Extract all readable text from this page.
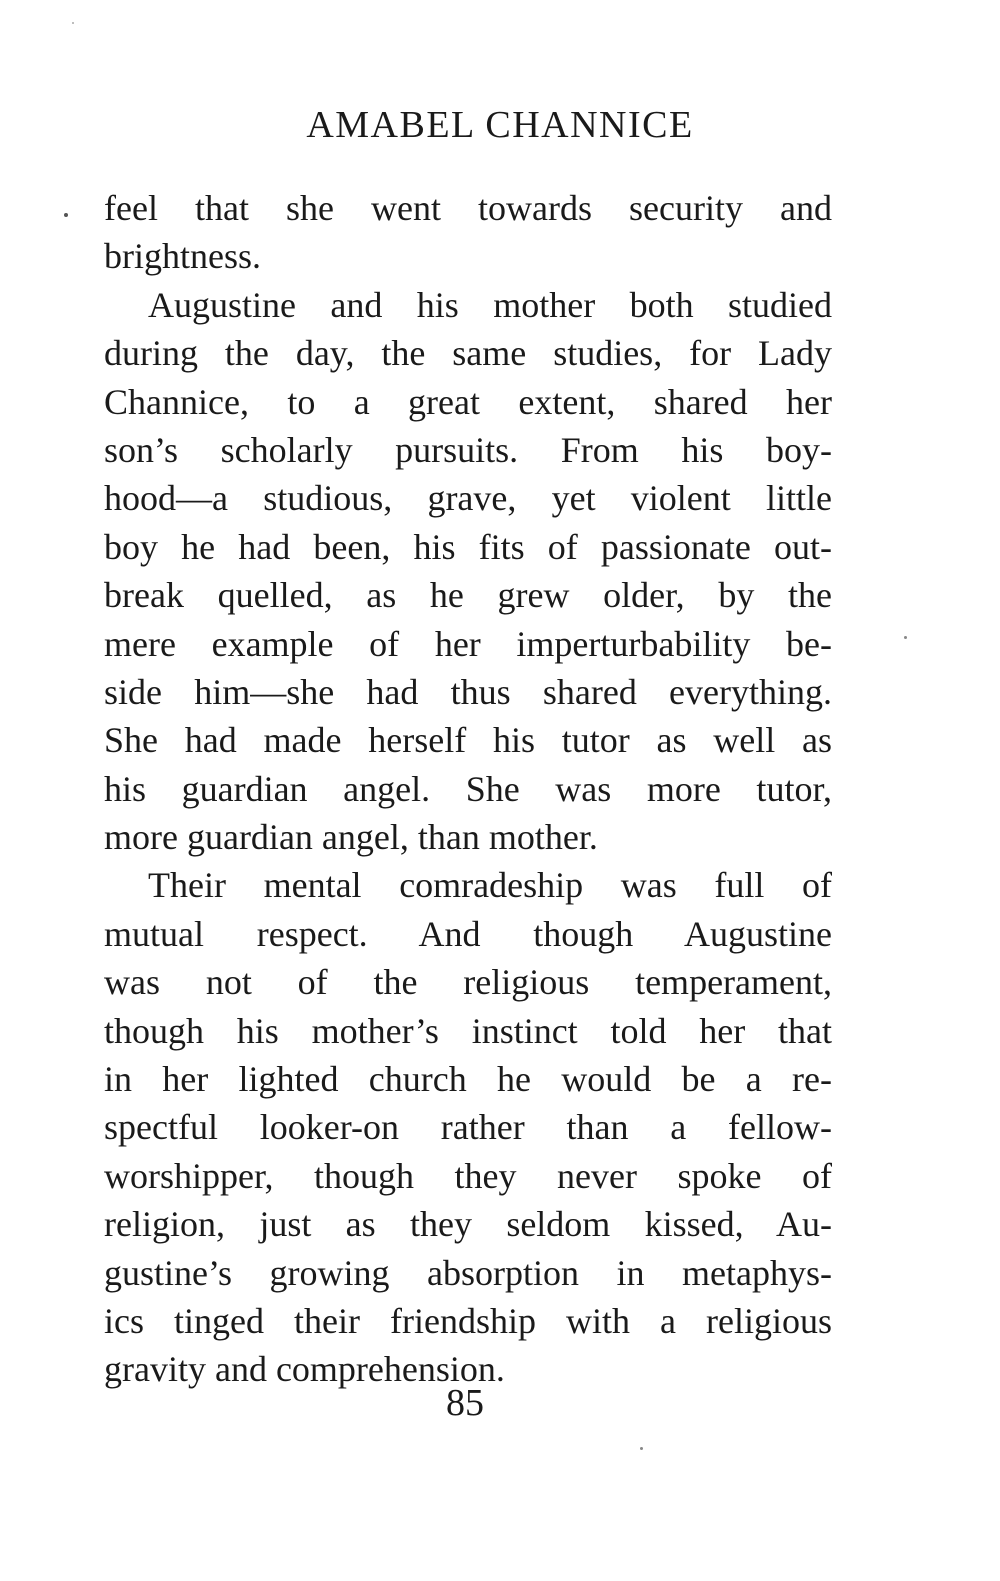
AMABEL CHANNICE
feel that she went towards security and
brightness.
Augustine and his mother both studied
during the day, the same studies, for Lady
Channice, to a great extent, shared her
son’s scholarly pursuits. From his boy-
hood—a studious, grave, yet violent little
boy he had been, his fits of passionate out-
break quelled, as he grew older, by the
mere example of her imperturbability be-
side him—she had thus shared everything.
She had made herself his tutor as well as
his guardian angel. She was more tutor,
more guardian angel, than mother.
Their mental comradeship was full of
mutual respect. And though Augustine
was not of the religious temperament,
though his mother’s instinct told her that
in her lighted church he would be a re-
spectful looker-on rather than a fellow-
worshipper, though they never spoke of
religion, just as they seldom kissed, Au-
gustine’s growing absorption in metaphys-
ics tinged their friendship with a religious
gravity and comprehension.
85
